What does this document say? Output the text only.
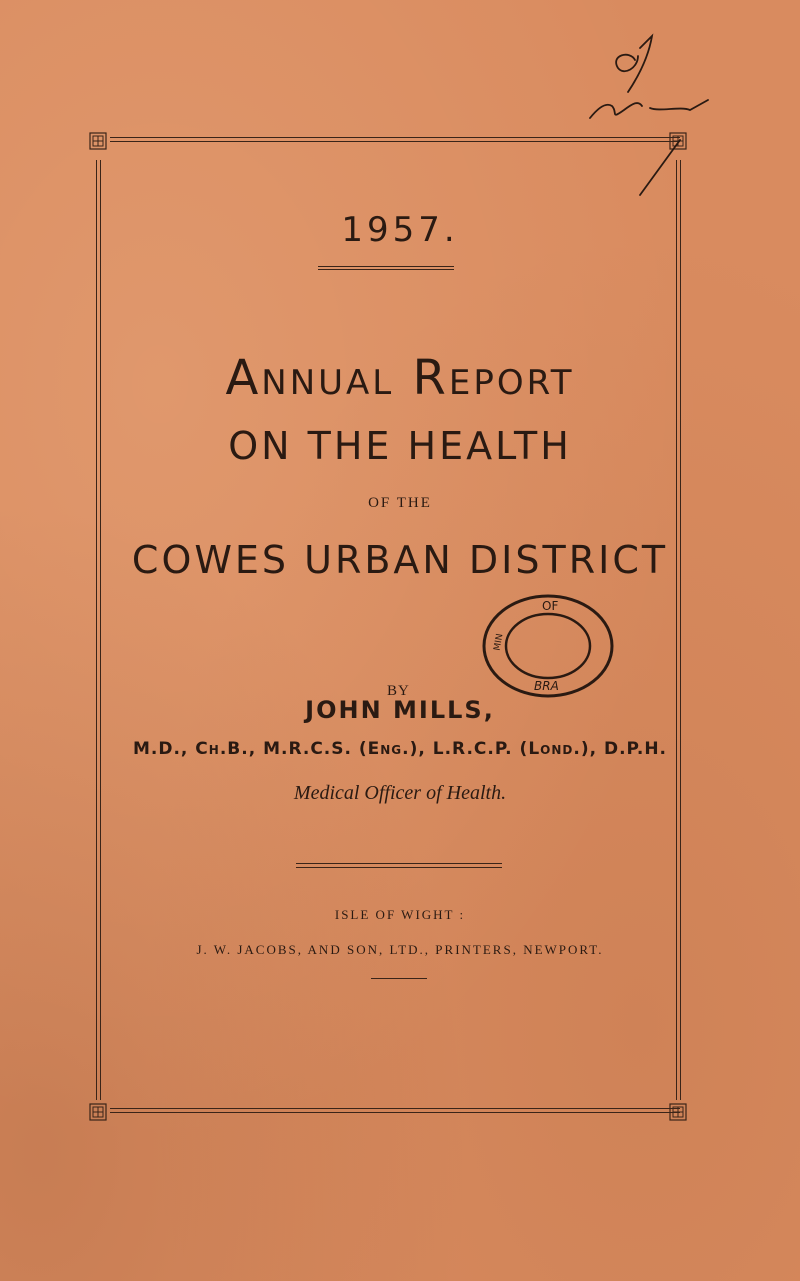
1957.
Annual Report
ON THE HEALTH
OF THE
COWES URBAN DISTRICT
OF
BRA
MIN
BY
JOHN MILLS,
M.D., Ch.B., M.R.C.S. (Eng.), L.R.C.P. (Lond.), D.P.H.
Medical Officer of Health.
ISLE OF WIGHT :
J. W. JACOBS, AND SON, LTD., PRINTERS, NEWPORT.
